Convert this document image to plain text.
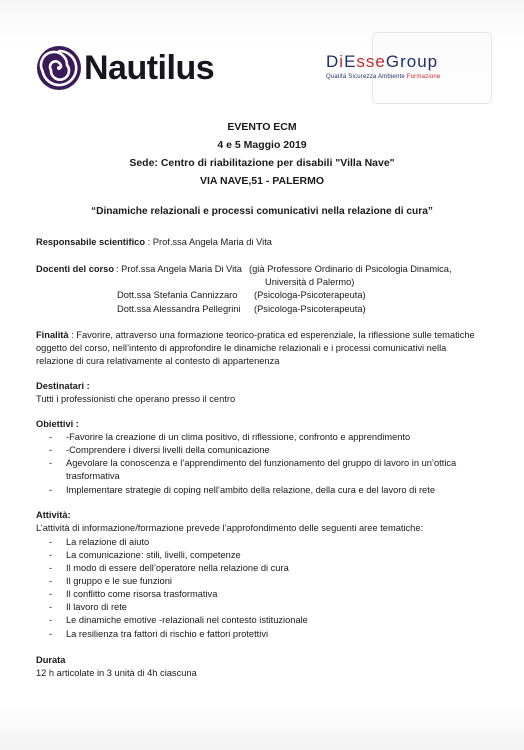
Nautilus	DiEsseGroup
Qualità Sicurezza Ambiente Formazione
EVENTO ECM
4 e 5 Maggio 2019
Sede: Centro di riabilitazione per disabili "Villa Nave"
VIA NAVE,51 - PALERMO
“Dinamiche relazionali e processi comunicativi nella relazione di cura”
Responsabile scientifico : Prof.ssa Angela Maria di Vita
Docenti del corso : Prof.ssa Angela Maria Di Vita (già Professore Ordinario di Psicologia Dinamica,
Università d Palermo)
Dott.ssa Stefania Cannizzaro (Psicologa-Psicoterapeuta)
Dott.ssa Alessandra Pellegrini (Psicologa-Psicoterapeuta)
Finalità : Favorire, attraverso una formazione teorico-pratica ed esperenziale, la riflessione sulle tematiche
oggetto del corso, nell’intento di approfondire le dinamiche relazionali e i processi comunicativi nella
relazione di cura relativamente al contesto di appartenenza
Destinatari :
Tutti i professionisti che operano presso il centro
Obiettivi :
- -Favorire la creazione di un clima positivo, di riflessione, confronto e apprendimento
- -Comprendere i diversi livelli della comunicazione
- Agevolare la conoscenza e l’apprendimento del funzionamento del gruppo di lavoro in un’ottica
trasformativa
- Implementare strategie di coping nell’ambito della relazione, della cura e del lavoro di rete
Attività:
L’attività di informazione/formazione prevede l’approfondimento delle seguenti aree tematiche:
- La relazione di aiuto
- La comunicazione: stili, livelli, competenze
- Il modo di essere dell’operatore nella relazione di cura
- Il gruppo e le sue funzioni
- Il conflitto come risorsa trasformativa
- Il lavoro di rete
- Le dinamiche emotive -relazionali nel contesto istituzionale
- La resilienza tra fattori di rischio e fattori protettivi
Durata
12 h articolate in 3 unità di 4h ciascuna
